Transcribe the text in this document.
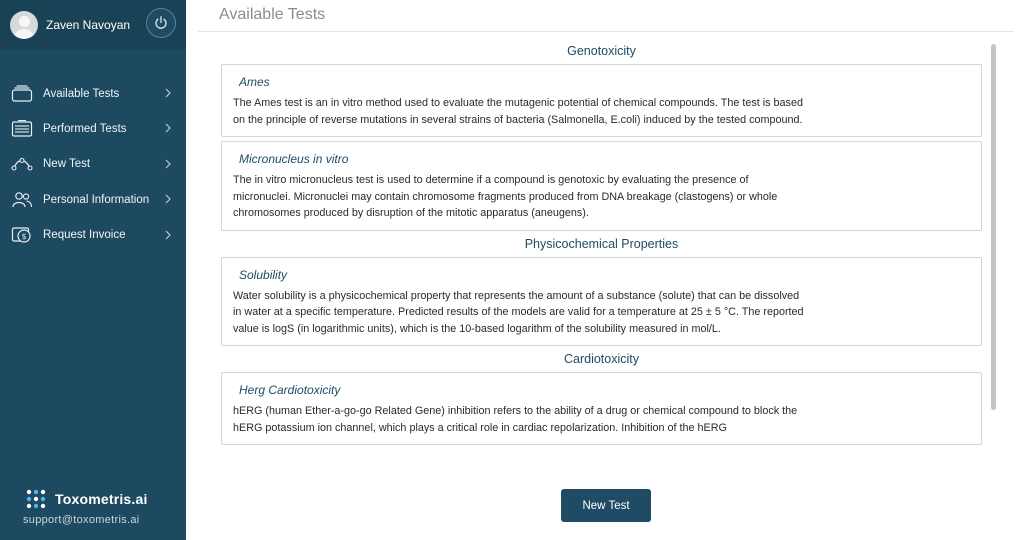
Zaven Navoyan
Available Tests
Performed Tests
New Test
Personal Information
$ Request Invoice
Toxometris.ai
support@toxometris.ai
Available Tests
Genotoxicity
Ames
The Ames test is an in vitro method used to evaluate the mutagenic potential of chemical compounds. The test is based on the principle of reverse mutations in several strains of bacteria (Salmonella, E.coli) induced by the tested compound.
Micronucleus in vitro
The in vitro micronucleus test is used to determine if a compound is genotoxic by evaluating the presence of micronuclei. Micronuclei may contain chromosome fragments produced from DNA breakage (clastogens) or whole chromosomes produced by disruption of the mitotic apparatus (aneugens).
Physicochemical Properties
Solubility
Water solubility is a physicochemical property that represents the amount of a substance (solute) that can be dissolved in water at a specific temperature. Predicted results of the models are valid for a temperature at 25 ± 5 °C. The reported value is logS (in logarithmic units), which is the 10-based logarithm of the solubility measured in mol/L.
Cardiotoxicity
Herg Cardiotoxicity
hERG (human Ether-a-go-go Related Gene) inhibition refers to the ability of a drug or chemical compound to block the hERG potassium ion channel, which plays a critical role in cardiac repolarization. Inhibition of the hERG
New Test
